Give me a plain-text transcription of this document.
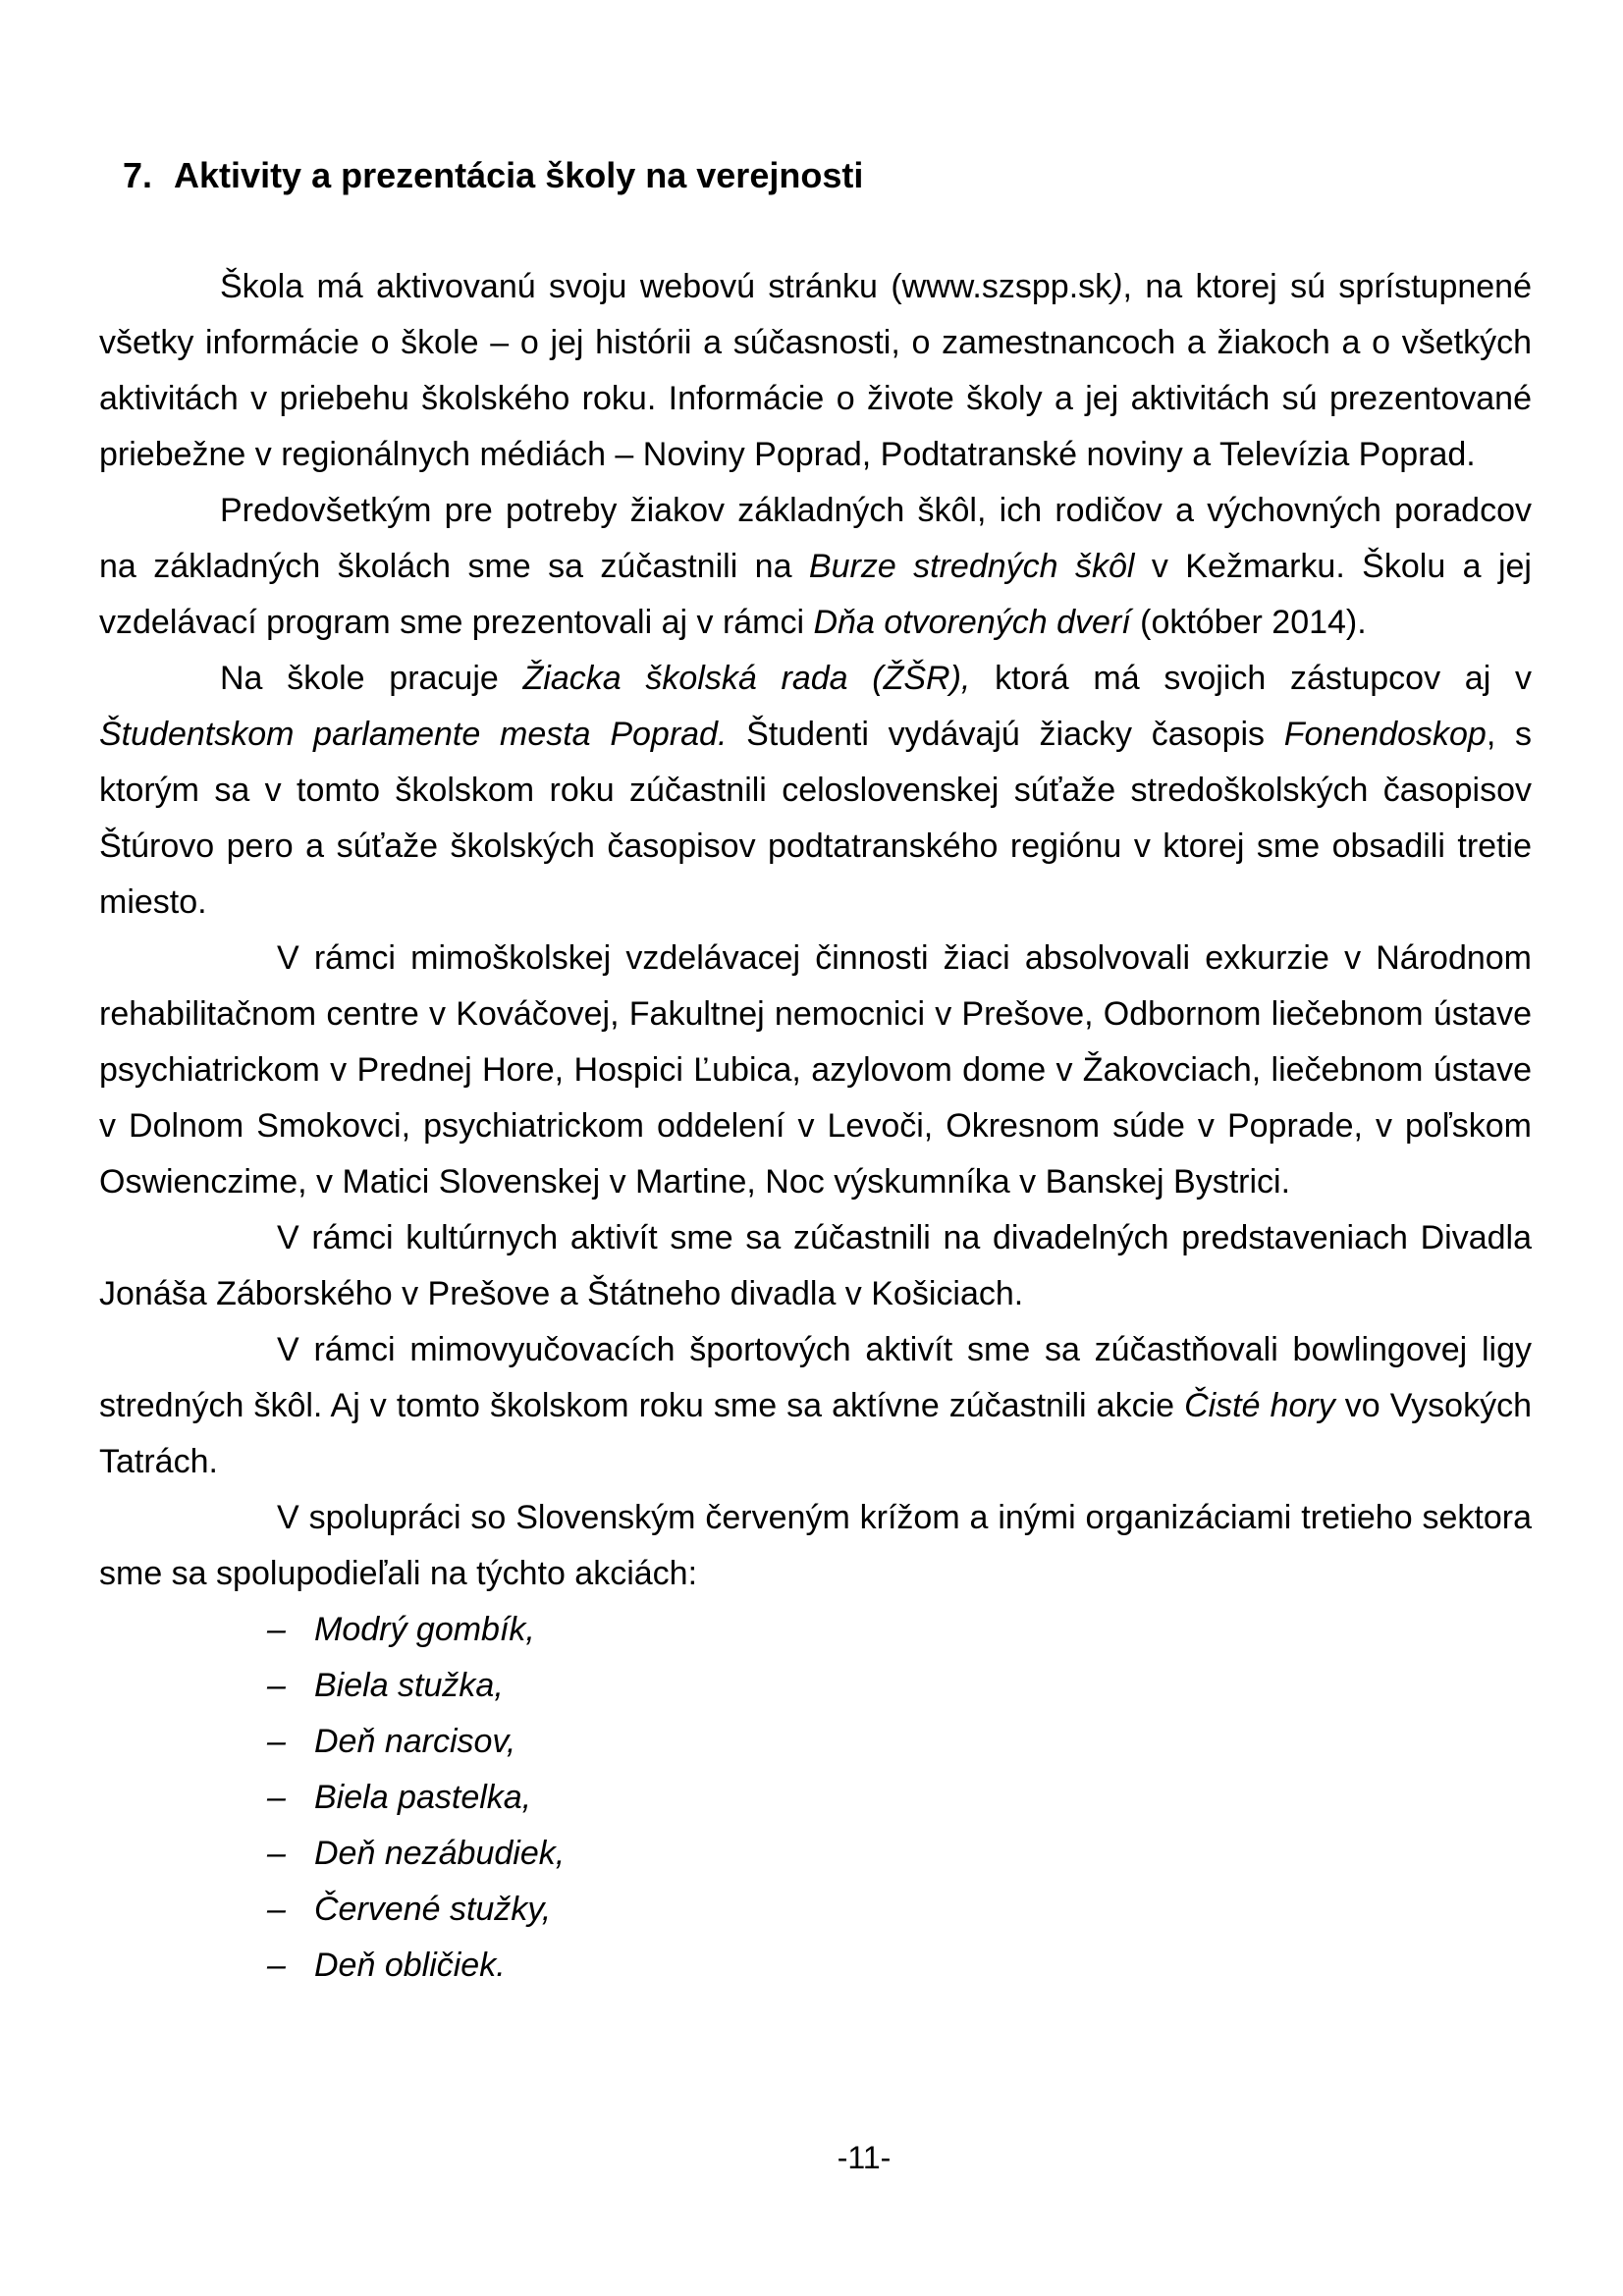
7. Aktivity a prezentácia školy na verejnosti

Škola má aktivovanú svoju webovú stránku (www.szspp.sk), na ktorej sú sprístupnené všetky informácie o škole – o jej histórii a súčasnosti, o zamestnancoch a žiakoch a o všetkých aktivitách v priebehu školského roku. Informácie o živote školy a jej aktivitách sú prezentované priebežne v regionálnych médiách – Noviny Poprad, Podtatranské noviny a Televízia Poprad.

Predovšetkým pre potreby žiakov základných škôl, ich rodičov a výchovných poradcov na základných školách sme sa zúčastnili na Burze stredných škôl v Kežmarku. Školu a jej vzdelávací program sme prezentovali aj v rámci Dňa otvorených dverí (október 2014).

Na škole pracuje Žiacka školská rada (ŽŠR), ktorá má svojich zástupcov aj v Študentskom parlamente mesta Poprad. Študenti vydávajú žiacky časopis Fonendoskop, s ktorým sa v tomto školskom roku zúčastnili celoslovenskej súťaže stredoškolských časopisov Štúrovo pero a súťaže školských časopisov podtatranského regiónu v ktorej sme obsadili tretie miesto.

V rámci mimoškolskej vzdelávacej činnosti žiaci absolvovali exkurzie v Národnom rehabilitačnom centre v Kováčovej, Fakultnej nemocnici v Prešove, Odbornom liečebnom ústave psychiatrickom v Prednej Hore, Hospici Ľubica, azylovom dome v Žakovciach, liečebnom ústave v Dolnom Smokovci, psychiatrickom oddelení v Levoči, Okresnom súde v Poprade, v poľskom Oswienczime, v Matici Slovenskej v Martine, Noc výskumníka v Banskej Bystrici.

V rámci kultúrnych aktivít sme sa zúčastnili na divadelných predstaveniach Divadla Jonáša Záborského v Prešove a Štátneho divadla v Košiciach.

V rámci mimovyučovacích športových aktivít sme sa zúčastňovali bowlingovej ligy stredných škôl. Aj v tomto školskom roku sme sa aktívne zúčastnili akcie Čisté hory vo Vysokých Tatrách.

V spolupráci so Slovenským červeným krížom a inými organizáciami tretieho sektora sme sa spolupodieľali na týchto akciách:

– Modrý gombík,
– Biela stužka,
– Deň narcisov,
– Biela pastelka,
– Deň nezábudiek,
– Červené stužky,
– Deň obličiek.
-11-
